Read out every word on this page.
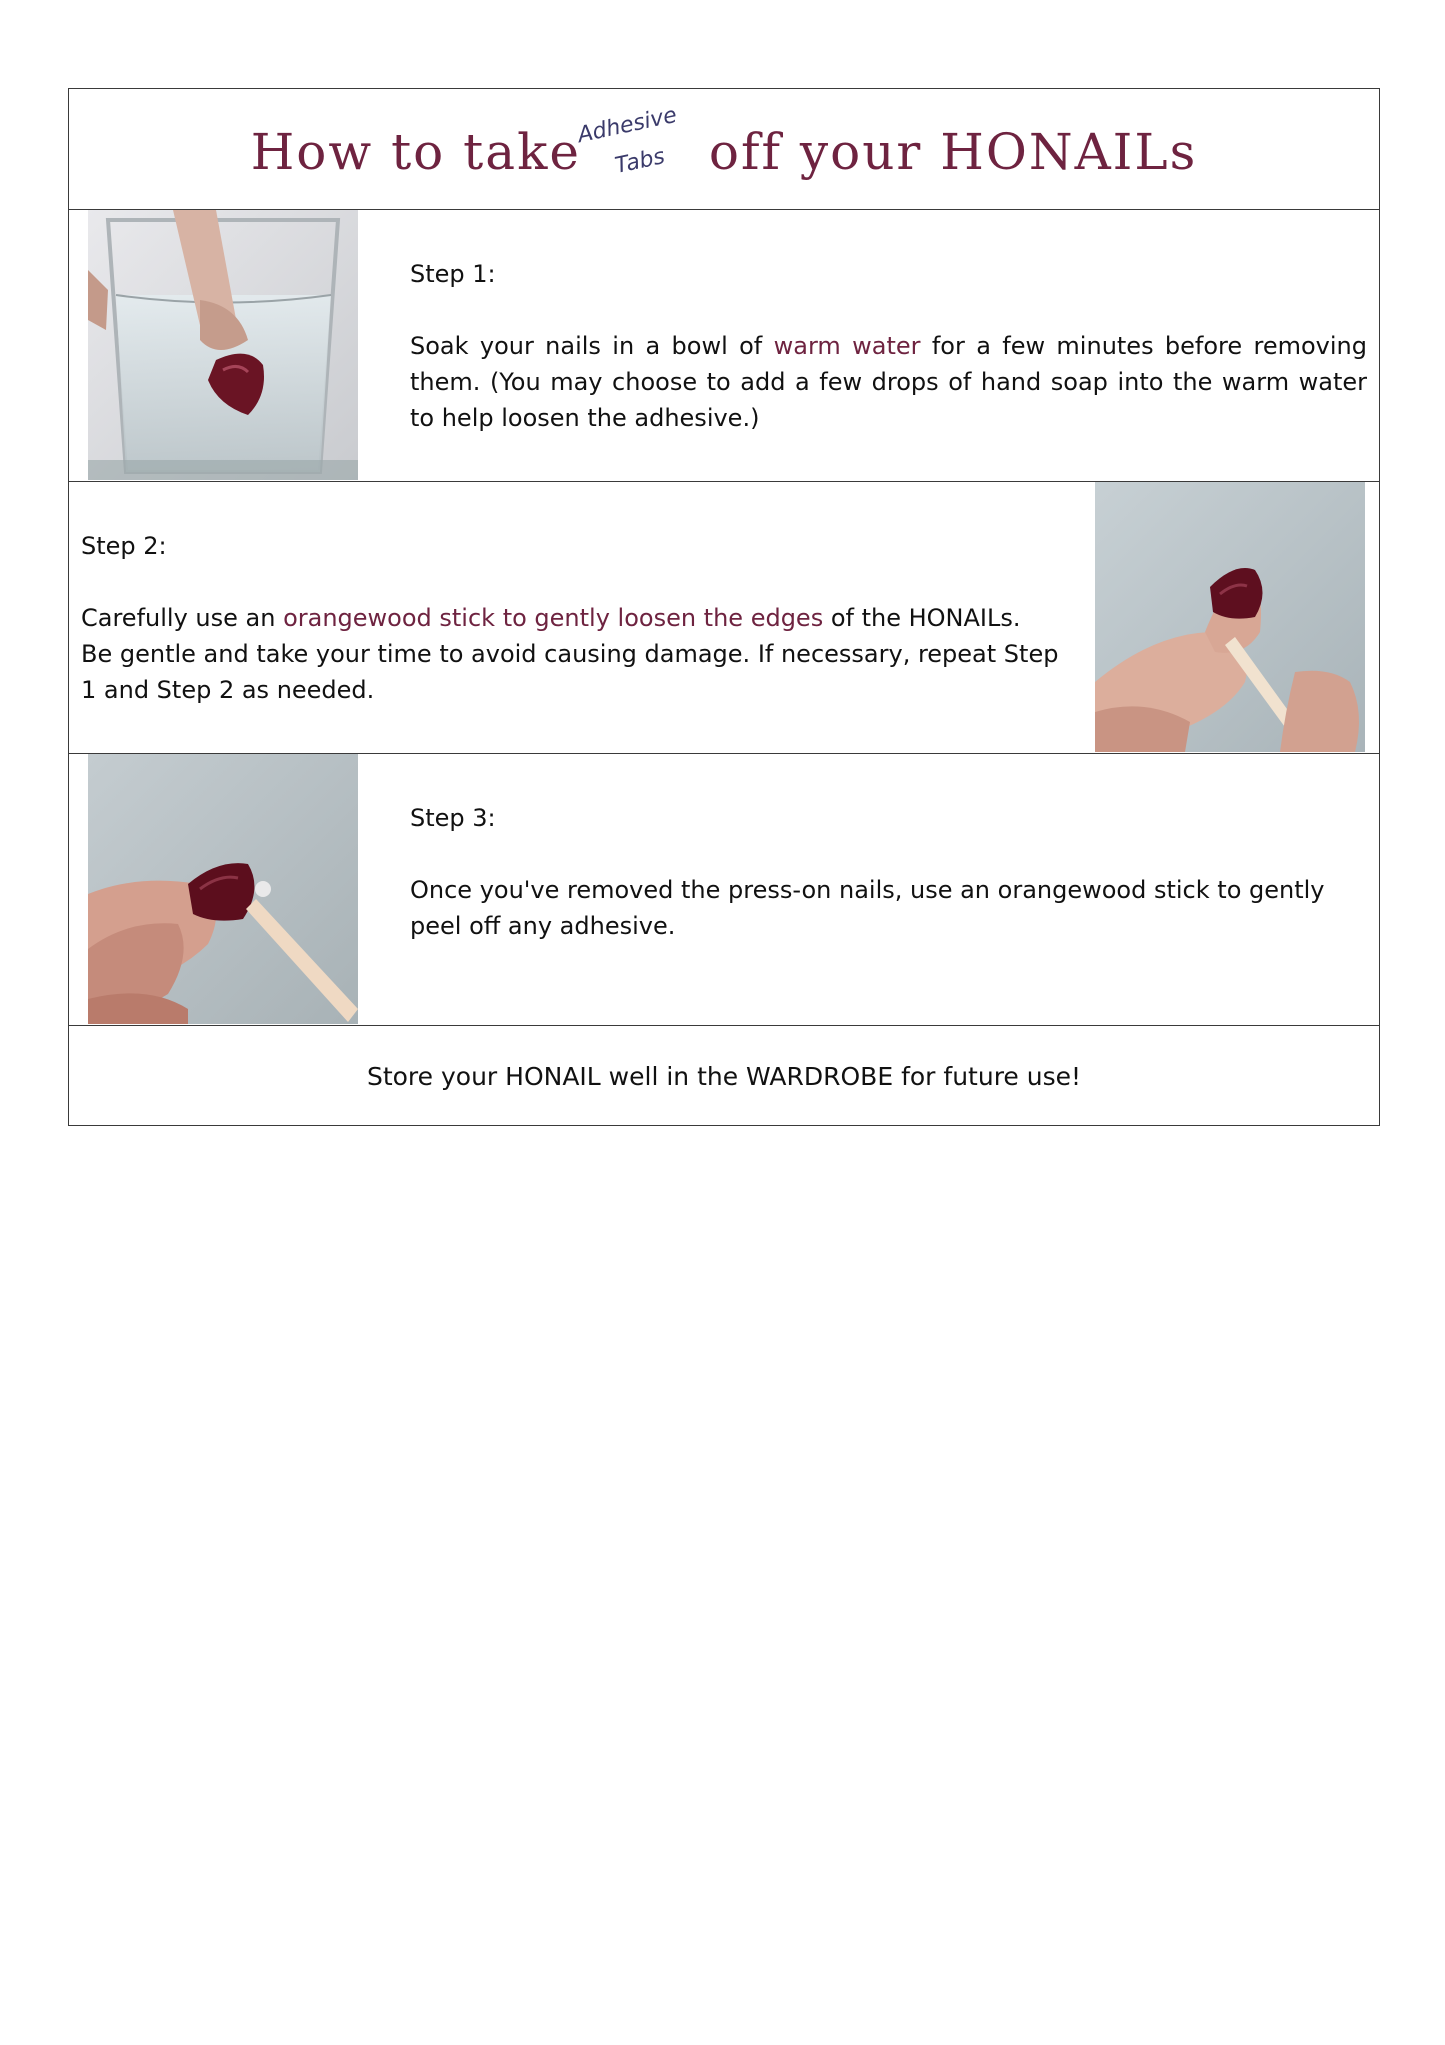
How to take
Adhesive
Tabs off your HONAILs

Step 1:

Soak your nails in a bowl of warm water for a few minutes before removing them. (You may choose to add a few drops of hand soap into the warm water to help loosen the adhesive.)

Step 2:

Carefully use an orangewood stick to gently loosen the edges of the HONAILs.

Be gentle and take your time to avoid causing damage. If necessary, repeat Step 1 and Step 2 as needed.

Step 3:

Once you've removed the press-on nails, use an orangewood stick to gently peel off any adhesive.

Store your HONAIL well in the WARDROBE for future use!
